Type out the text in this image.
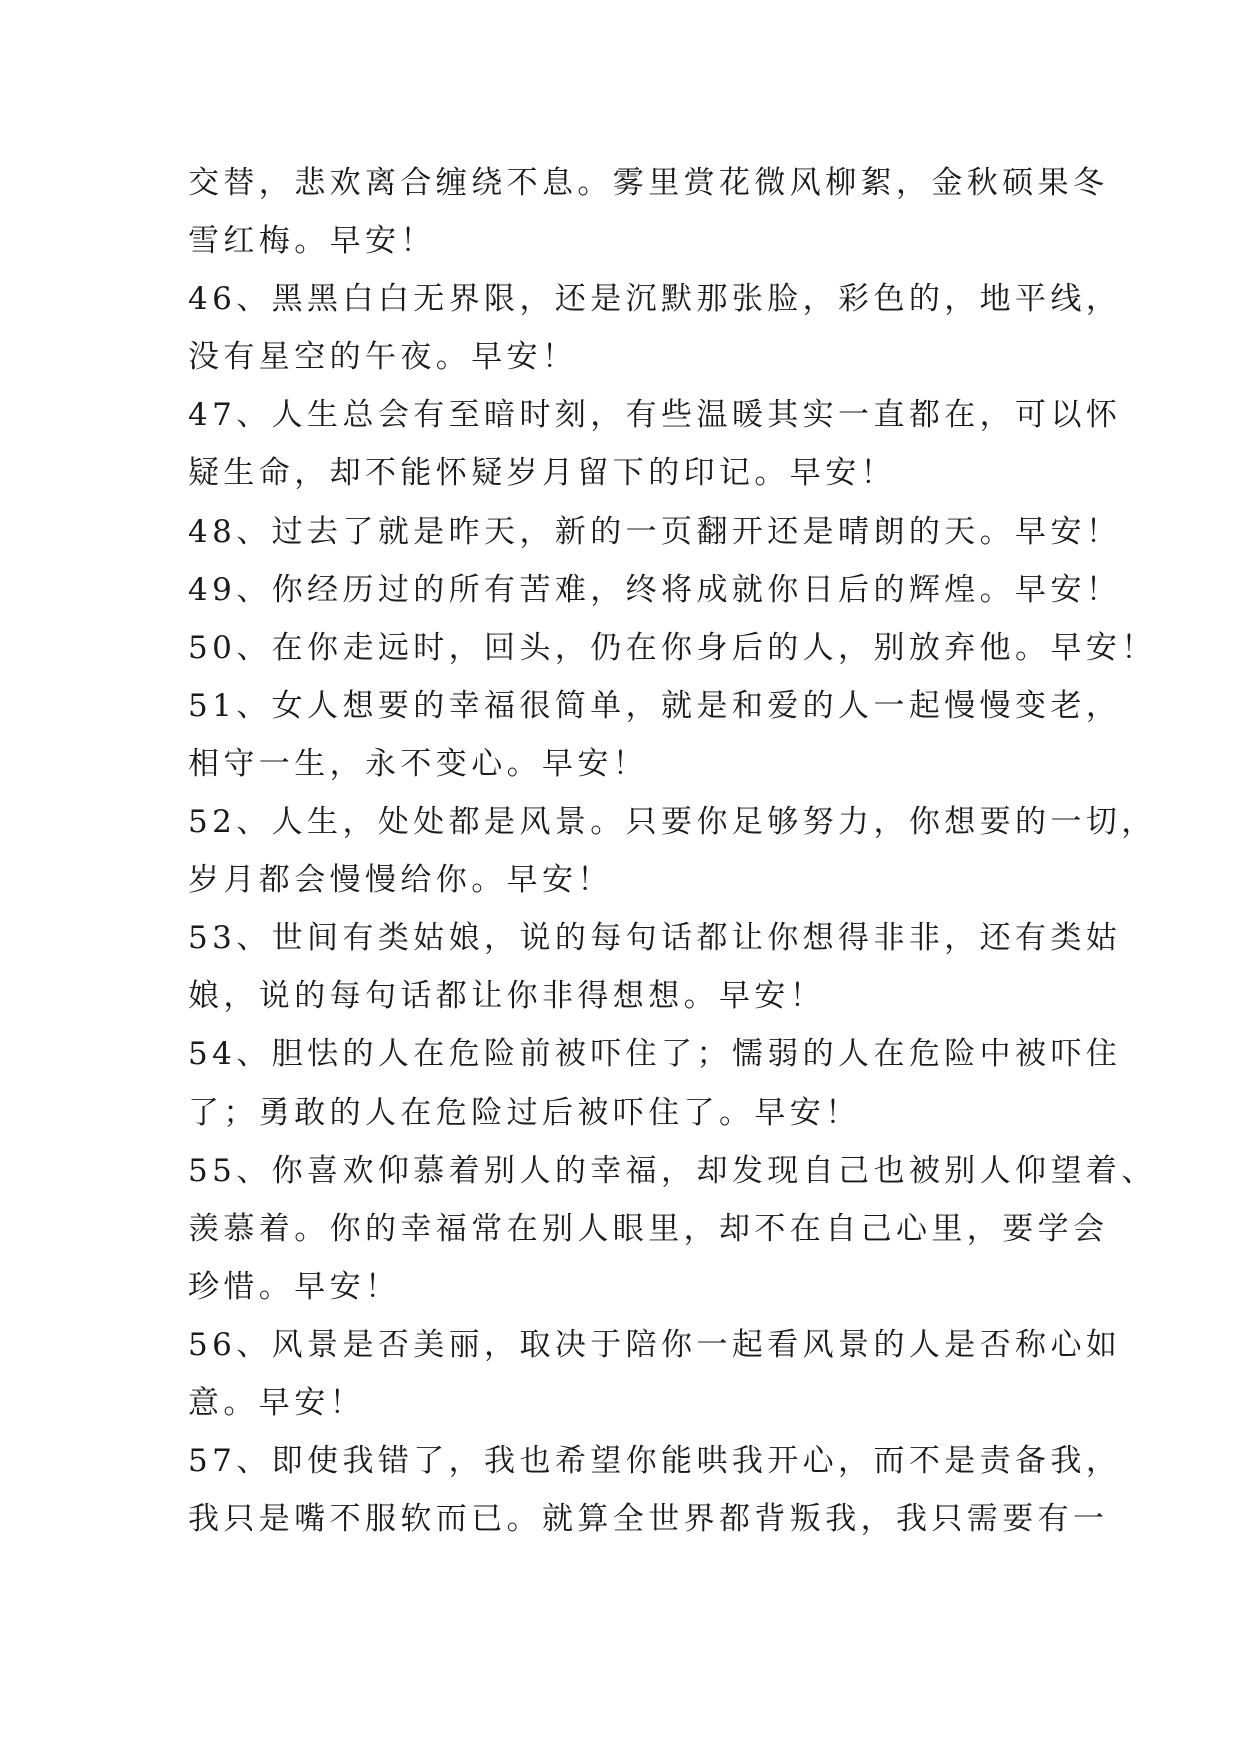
交替，悲欢离合缠绕不息。雾里赏花微风柳絮，金秋硕果冬
雪红梅。早安！
46、黑黑白白无界限，还是沉默那张脸，彩色的，地平线，
没有星空的午夜。早安！
47、人生总会有至暗时刻，有些温暖其实一直都在，可以怀
疑生命，却不能怀疑岁月留下的印记。早安！
48、过去了就是昨天，新的一页翻开还是晴朗的天。早安！
49、你经历过的所有苦难，终将成就你日后的辉煌。早安！
50、在你走远时，回头，仍在你身后的人，别放弃他。早安！
51、女人想要的幸福很简单，就是和爱的人一起慢慢变老，
相守一生，永不变心。早安！
52、人生，处处都是风景。只要你足够努力，你想要的一切，
岁月都会慢慢给你。早安！
53、世间有类姑娘，说的每句话都让你想得非非，还有类姑
娘，说的每句话都让你非得想想。早安！
54、胆怯的人在危险前被吓住了；懦弱的人在危险中被吓住
了；勇敢的人在危险过后被吓住了。早安！
55、你喜欢仰慕着别人的幸福，却发现自己也被别人仰望着、
羡慕着。你的幸福常在别人眼里，却不在自己心里，要学会
珍惜。早安！
56、风景是否美丽，取决于陪你一起看风景的人是否称心如
意。早安！
57、即使我错了，我也希望你能哄我开心，而不是责备我，
我只是嘴不服软而已。就算全世界都背叛我，我只需要有一
